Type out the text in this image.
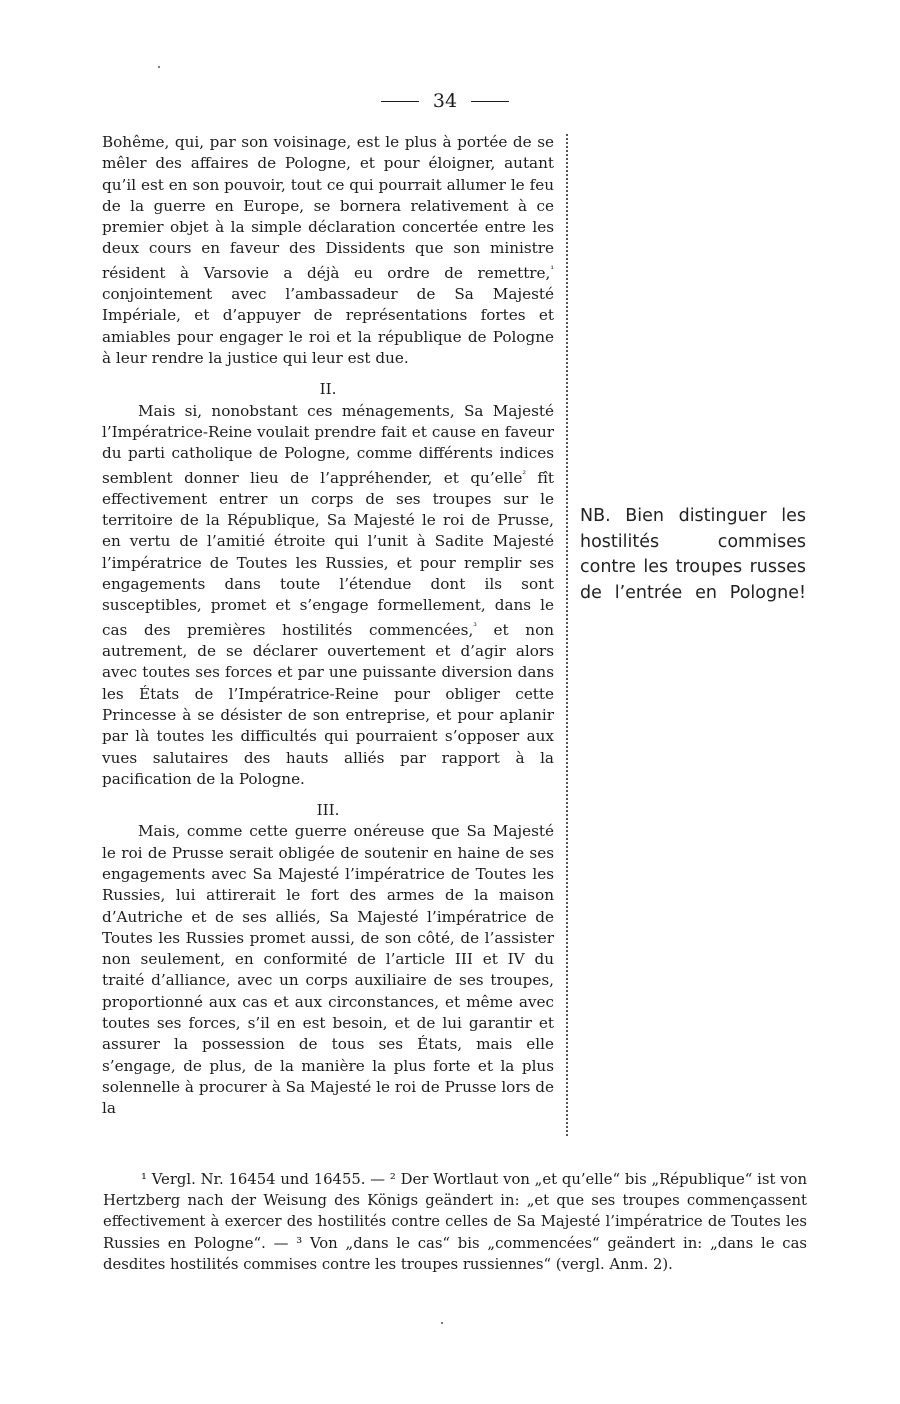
34

Bohême, qui, par son voisinage, est le plus à portée de se mêler des affaires de Pologne, et pour éloigner, autant qu’il est en son pouvoir, tout ce qui pourrait allumer le feu de la guerre en Europe, se bornera relativement à ce premier objet à la simple déclaration concertée entre les deux cours en faveur des Dissidents que son ministre résident à Varsovie a déjà eu ordre de remettre,$^{^1}$ conjointement avec l’ambassadeur de Sa Majesté Impériale, et d’appuyer de représentations fortes et amiables pour engager le roi et la république de Pologne à leur rendre la justice qui leur est due.

II.

Mais si, nonobstant ces ménagements, Sa Majesté l’Impératrice-Reine voulait prendre fait et cause en faveur du parti catholique de Pologne, comme différents indices semblent donner lieu de l’appréhender, et qu’elle$^{^2}$ fît effectivement entrer un corps de ses troupes sur le territoire de la République, Sa Majesté le roi de Prusse, en vertu de l’amitié étroite qui l’unit à Sadite Majesté l’impératrice de Toutes les Russies, et pour remplir ses engagements dans toute l’étendue dont ils sont susceptibles, promet et s’engage formellement, dans le cas des premières hostilités commencées,$^{^3}$ et non autrement, de se déclarer ouvertement et d’agir alors avec toutes ses forces et par une puissante diversion dans les États de l’Impératrice-Reine pour obliger cette Princesse à se désister de son entreprise, et pour aplanir par là toutes les difficultés qui pourraient s’opposer aux vues salutaires des hauts alliés par rapport à la pacification de la Pologne.

III.

Mais, comme cette guerre onéreuse que Sa Majesté le roi de Prusse serait obligée de soutenir en haine de ses engagements avec Sa Majesté l’impératrice de Toutes les Russies, lui attirerait le fort des armes de la maison d’Autriche et de ses alliés, Sa Majesté l’impératrice de Toutes les Russies promet aussi, de son côté, de l’assister non seulement, en conformité de l’article III et IV du traité d’alliance, avec un corps auxiliaire de ses troupes, proportionné aux cas et aux circonstances, et même avec toutes ses forces, s’il en est besoin, et de lui garantir et assurer la possession de tous ses États, mais elle s’engage, de plus, de la manière la plus forte et la plus solennelle à procurer à Sa Majesté le roi de Prusse lors de la

NB. Bien distinguer les hostilités commises contre les troupes russes de l’entrée en Pologne!

¹ Vergl. Nr. 16454 und 16455. — ² Der Wortlaut von „et qu’elle“ bis „République“ ist von Hertzberg nach der Weisung des Königs geändert in: „et que ses troupes commençassent effectivement à exercer des hostilités contre celles de Sa Majesté l’impératrice de Toutes les Russies en Pologne“. — ³ Von „dans le cas“ bis „commencées“ geändert in: „dans le cas desdites hostilités commises contre les troupes russiennes“ (vergl. Anm. 2).
